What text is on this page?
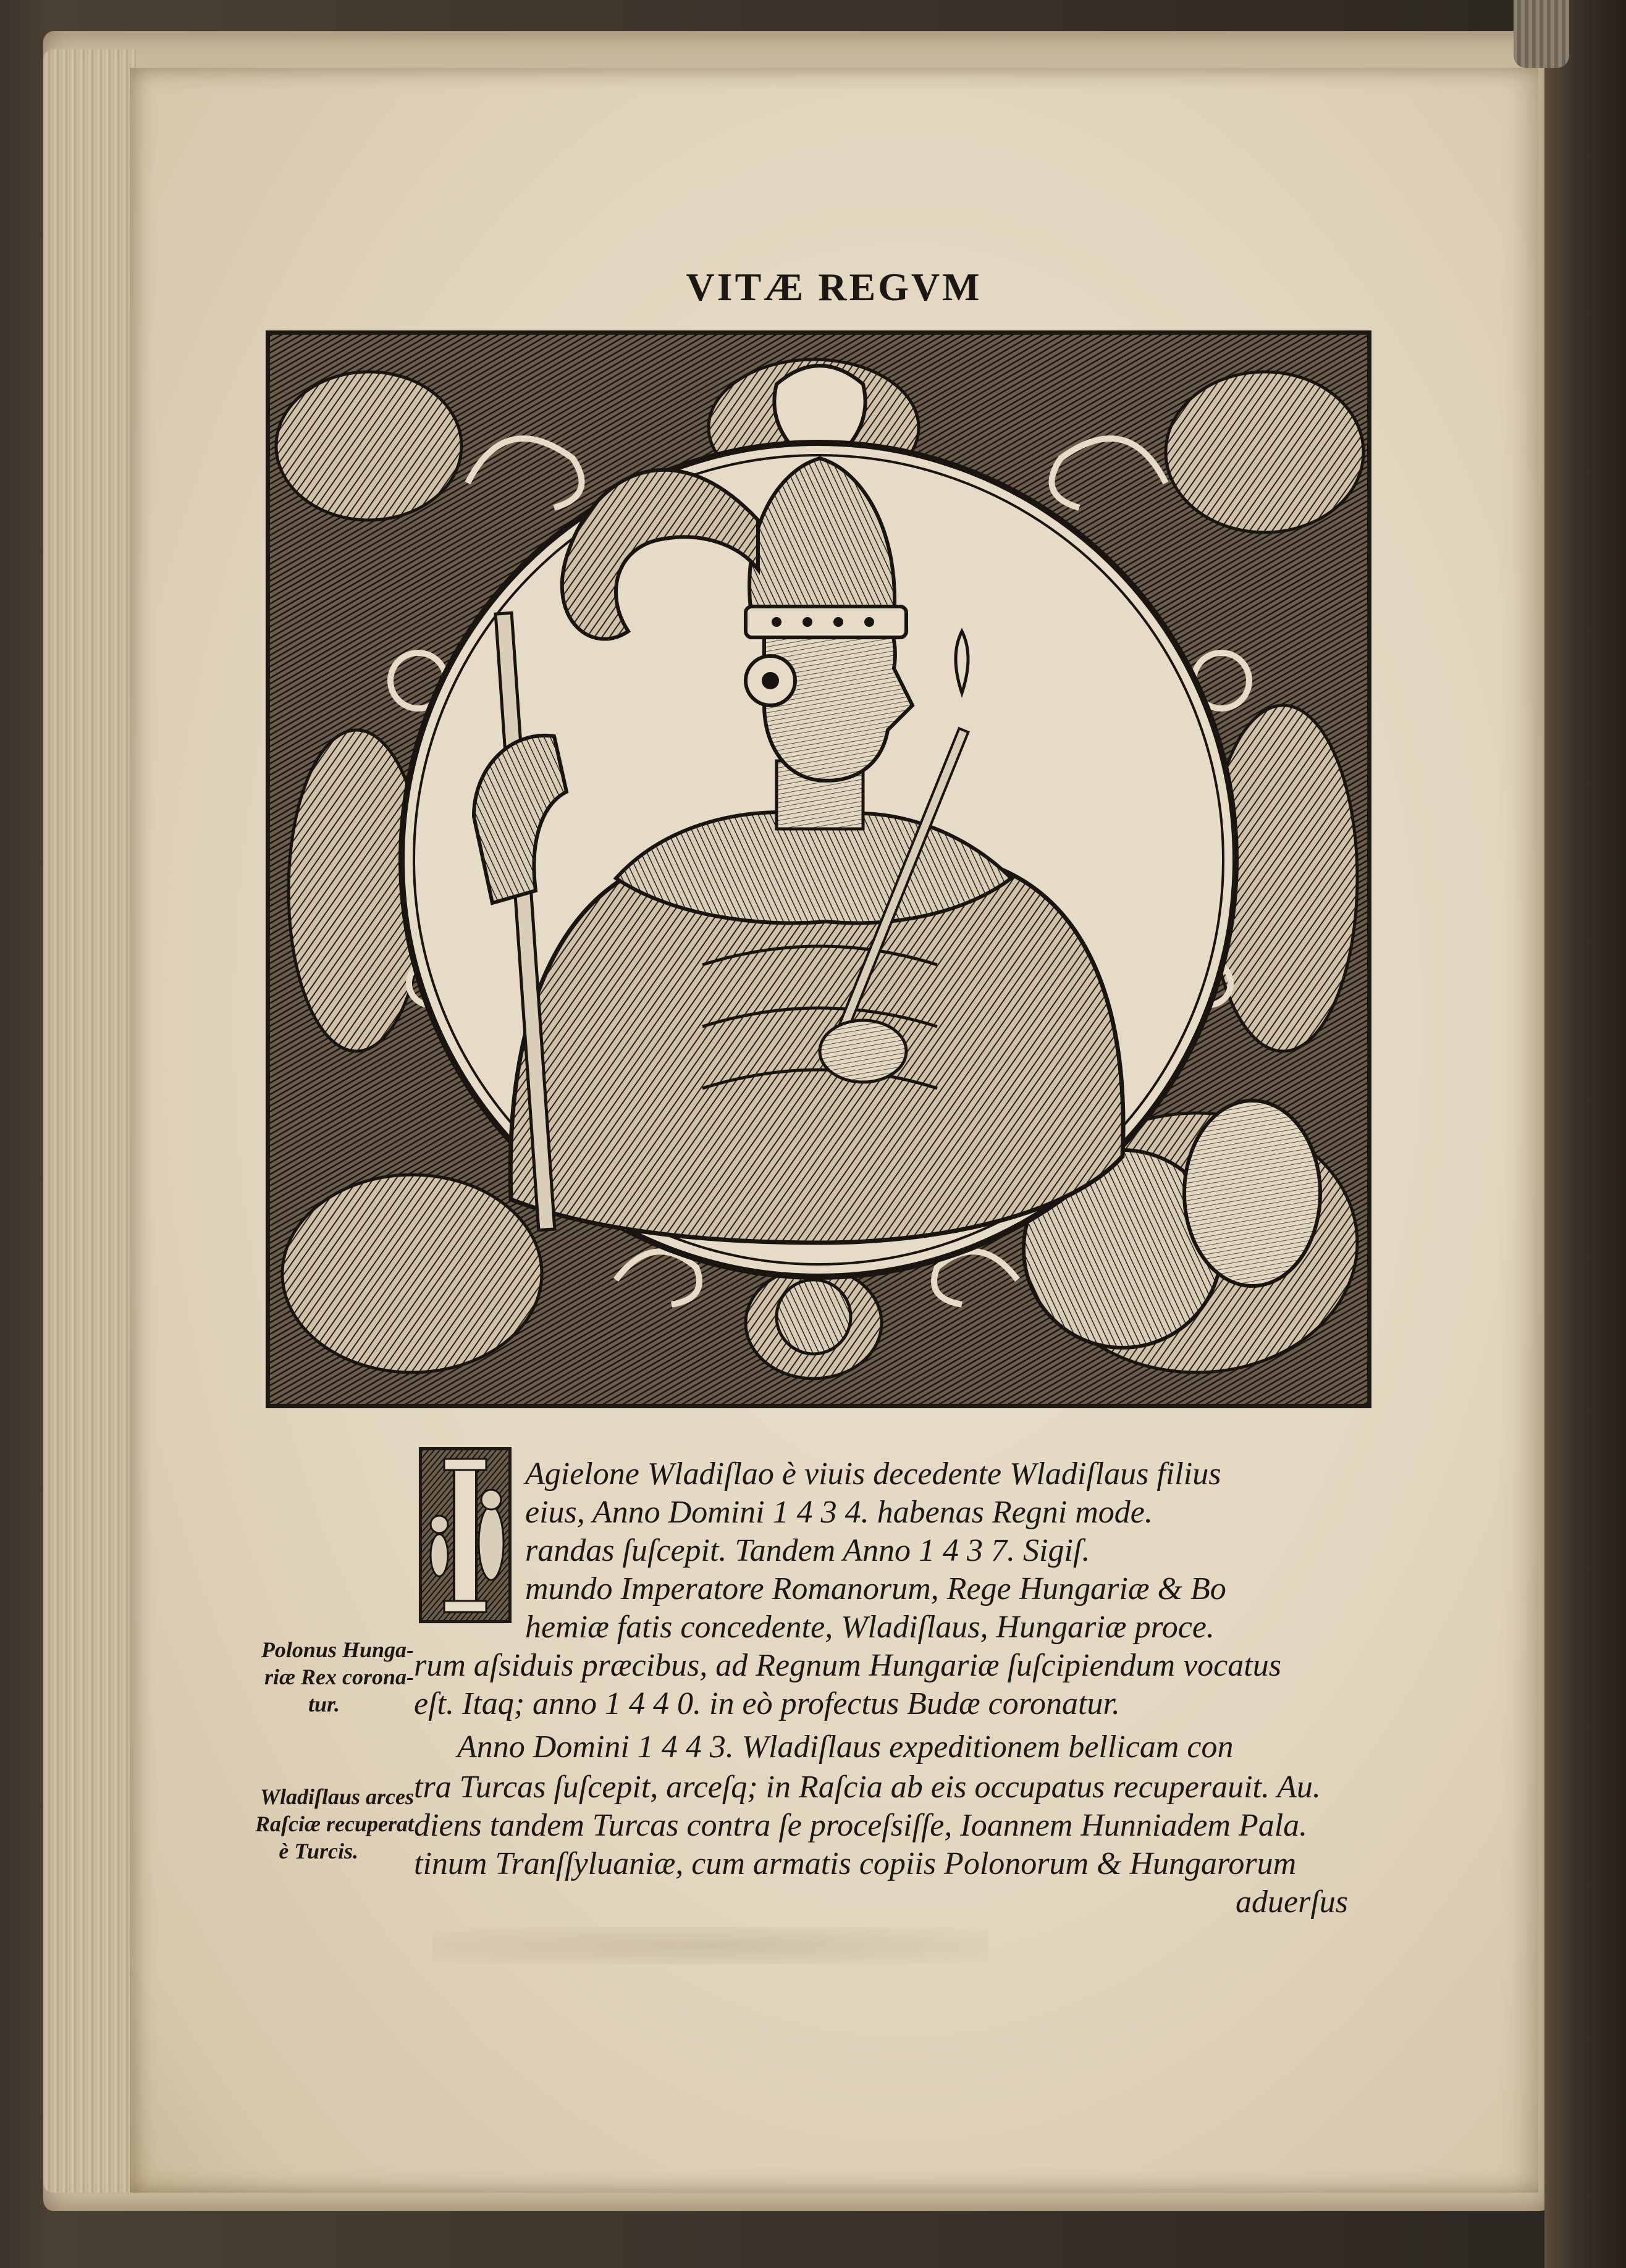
VITÆ REGVM

Agielone Wladiſlao è viuis decedente Wladiſlaus filius

eius, Anno Domini 1 4 3 4. habenas Regni mode.

randas ſuſcepit. Tandem Anno 1 4 3 7. Sigiſ.

mundo Imperatore Romanorum, Rege Hungariæ & Bo

hemiæ fatis concedente, Wladiſlaus, Hungariæ proce.

rum aſsiduis præcibus, ad Regnum Hungariæ ſuſcipiendum vocatus

eſt. Itaq; anno 1 4 4 0. in eò profectus Budæ coronatur.

Anno Domini 1 4 4 3. Wladiſlaus expeditionem bellicam con

tra Turcas ſuſcepit, arceſq; in Raſcia ab eis occupatus recuperauit. Au.

diens tandem Turcas contra ſe proceſsiſſe, Ioannem Hunniadem Pala.

tinum Tranſſyluaniæ, cum armatis copiis Polonorum & Hungarorum

aduerſus

Polonus Hunga-

riæ Rex corona-

tur.

Wladiſlaus arces

Raſciæ recuperat

è Turcis.
